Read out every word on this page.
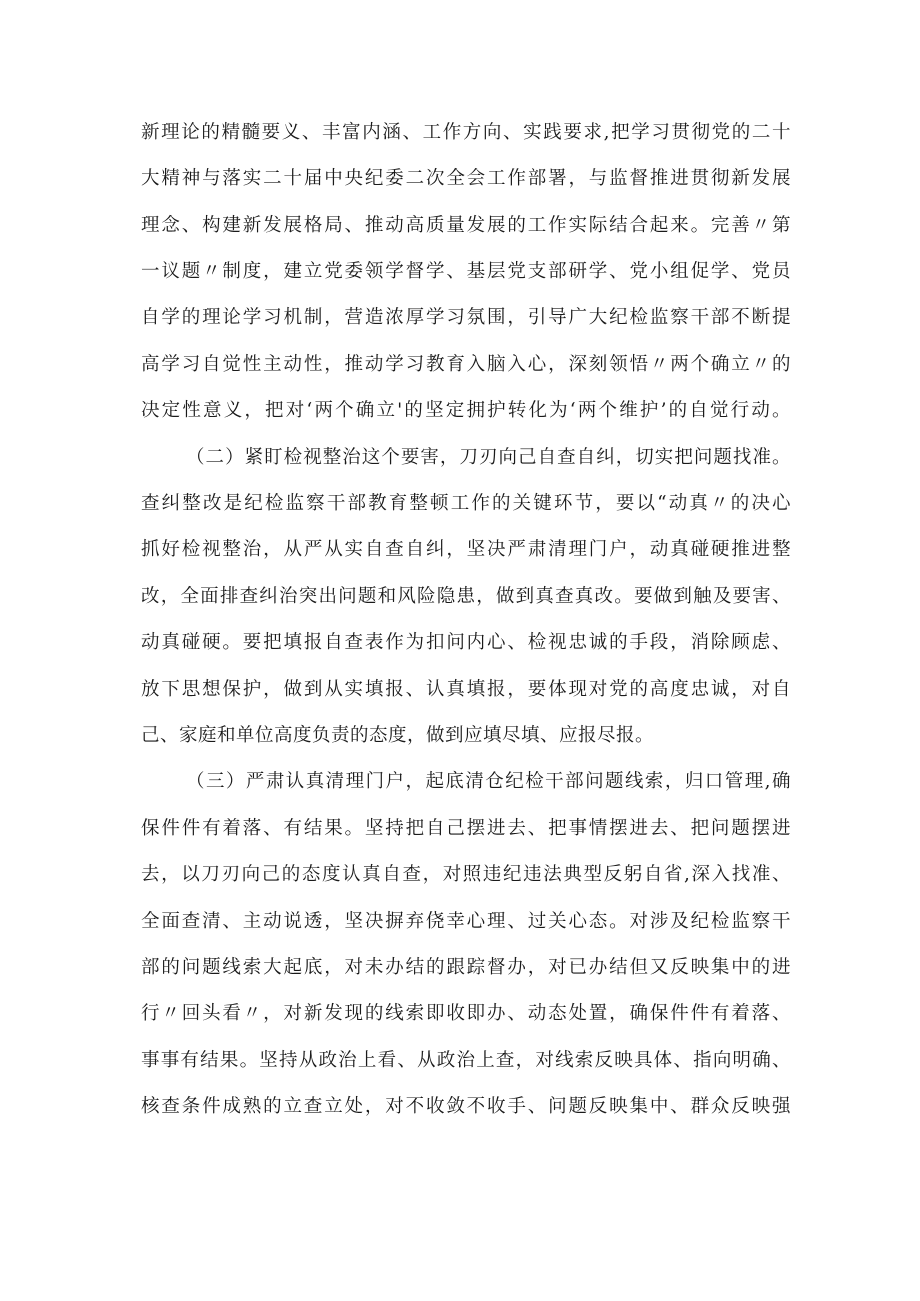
新理论的精髓要义、丰富内涵、工作方向、实践要求,把学习贯彻党的二十
大精神与落实二十届中央纪委二次全会工作部署，与监督推进贯彻新发展
理念、构建新发展格局、推动高质量发展的工作实际结合起来。完善〃第
一议题〃制度，建立党委领学督学、基层党支部研学、党小组促学、党员
自学的理论学习机制，营造浓厚学习氛围，引导广大纪检监察干部不断提
高学习自觉性主动性，推动学习教育入脑入心，深刻领悟〃两个确立〃的
决定性意义，把对‘两个确立'的坚定拥护转化为‘两个维护’的自觉行动。
（二）紧盯检视整治这个要害，刀刃向己自查自纠，切实把问题找准。
查纠整改是纪检监察干部教育整顿工作的关键环节，要以“动真〃的决心
抓好检视整治，从严从实自查自纠，坚决严肃清理门户，动真碰硬推进整
改，全面排查纠治突出问题和风险隐患，做到真查真改。要做到触及要害、
动真碰硬。要把填报自查表作为扣问内心、检视忠诚的手段，消除顾虑、
放下思想保护，做到从实填报、认真填报，要体现对党的高度忠诚，对自
己、家庭和单位高度负责的态度，做到应填尽填、应报尽报。
（三）严肃认真清理门户，起底清仓纪检干部问题线索，归口管理,确
保件件有着落、有结果。坚持把自己摆进去、把事情摆进去、把问题摆进
去，以刀刃向己的态度认真自查，对照违纪违法典型反躬自省,深入找准、
全面查清、主动说透，坚决摒弃侥幸心理、过关心态。对涉及纪检监察干
部的问题线索大起底，对未办结的跟踪督办，对已办结但又反映集中的进
行〃回头看〃，对新发现的线索即收即办、动态处置，确保件件有着落、
事事有结果。坚持从政治上看、从政治上查，对线索反映具体、指向明确、
核查条件成熟的立查立处，对不收敛不收手、问题反映集中、群众反映强
